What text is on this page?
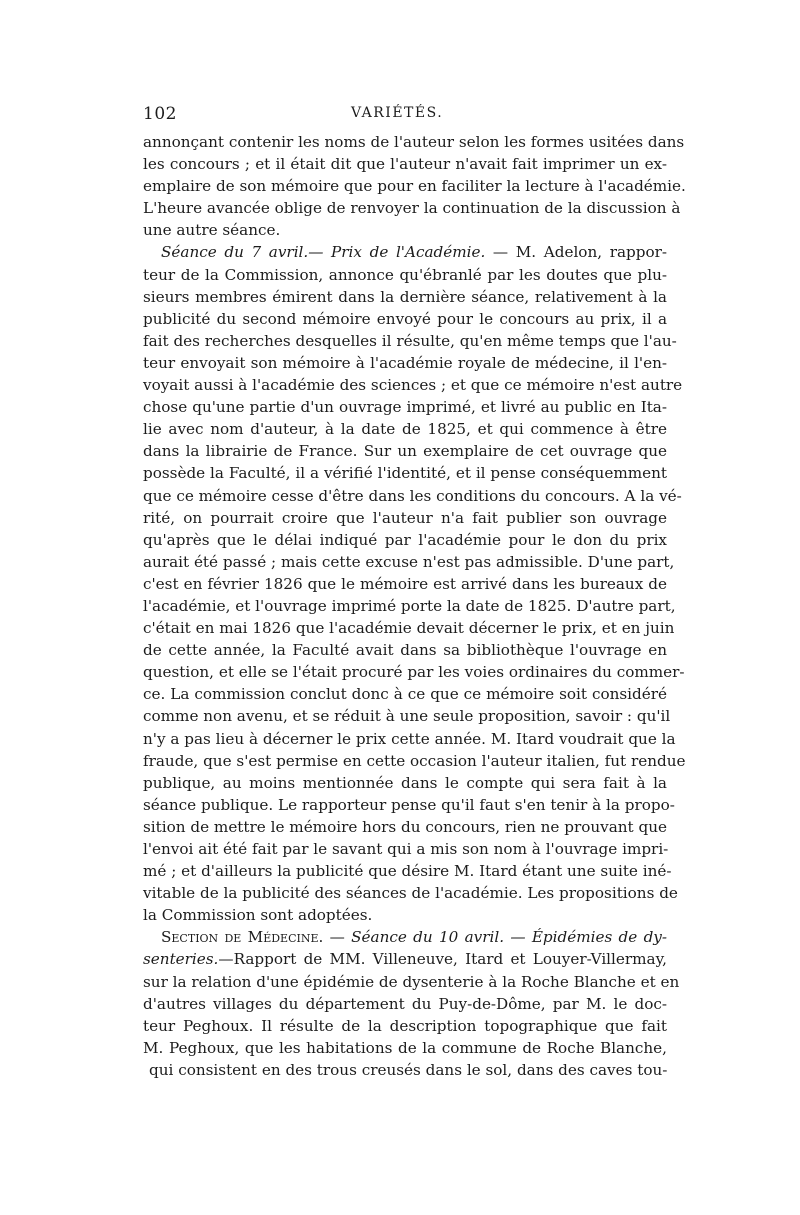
102	VARIÉTÉS.
annonçant contenir les noms de l'auteur selon les formes usitées dans
les concours ; et il était dit que l'auteur n'avait fait imprimer un ex-
emplaire de son mémoire que pour en faciliter la lecture à l'académie.
L'heure avancée oblige de renvoyer la continuation de la discussion à
une autre séance.
Séance du 7 avril.— Prix de l'Académie. — M. Adelon, rappor-
teur de la Commission, annonce qu'ébranlé par les doutes que plu-
sieurs membres émirent dans la dernière séance, relativement à la
publicité du second mémoire envoyé pour le concours au prix, il a
fait des recherches desquelles il résulte, qu'en même temps que l'au-
teur envoyait son mémoire à l'académie royale de médecine, il l'en-
voyait aussi à l'académie des sciences ; et que ce mémoire n'est autre
chose qu'une partie d'un ouvrage imprimé, et livré au public en Ita-
lie avec nom d'auteur, à la date de 1825, et qui commence à être
dans la librairie de France. Sur un exemplaire de cet ouvrage que
possède la Faculté, il a vérifié l'identité, et il pense conséquemment
que ce mémoire cesse d'être dans les conditions du concours. A la vé-
rité, on pourrait croire que l'auteur n'a fait publier son ouvrage
qu'après que le délai indiqué par l'académie pour le don du prix
aurait été passé ; mais cette excuse n'est pas admissible. D'une part,
c'est en février 1826 que le mémoire est arrivé dans les bureaux de
l'académie, et l'ouvrage imprimé porte la date de 1825. D'autre part,
c'était en mai 1826 que l'académie devait décerner le prix, et en juin
de cette année, la Faculté avait dans sa bibliothèque l'ouvrage en
question, et elle se l'était procuré par les voies ordinaires du commer-
ce. La commission conclut donc à ce que ce mémoire soit considéré
comme non avenu, et se réduit à une seule proposition, savoir : qu'il
n'y a pas lieu à décerner le prix cette année. M. Itard voudrait que la
fraude, que s'est permise en cette occasion l'auteur italien, fut rendue
publique, au moins mentionnée dans le compte qui sera fait à la
séance publique. Le rapporteur pense qu'il faut s'en tenir à la propo-
sition de mettre le mémoire hors du concours, rien ne prouvant que
l'envoi ait été fait par le savant qui a mis son nom à l'ouvrage impri-
mé ; et d'ailleurs la publicité que désire M. Itard étant une suite iné-
vitable de la publicité des séances de l'académie. Les propositions de
la Commission sont adoptées.
Section de Médecine. — Séance du 10 avril. — Épidémies de dy-
senteries.—Rapport de MM. Villeneuve, Itard et Louyer-Villermay,
sur la relation d'une épidémie de dysenterie à la Roche Blanche et en
d'autres villages du département du Puy-de-Dôme, par M. le doc-
teur Peghoux. Il résulte de la description topographique que fait
M. Peghoux, que les habitations de la commune de Roche Blanche,
qui consistent en des trous creusés dans le sol, dans des caves tou-
